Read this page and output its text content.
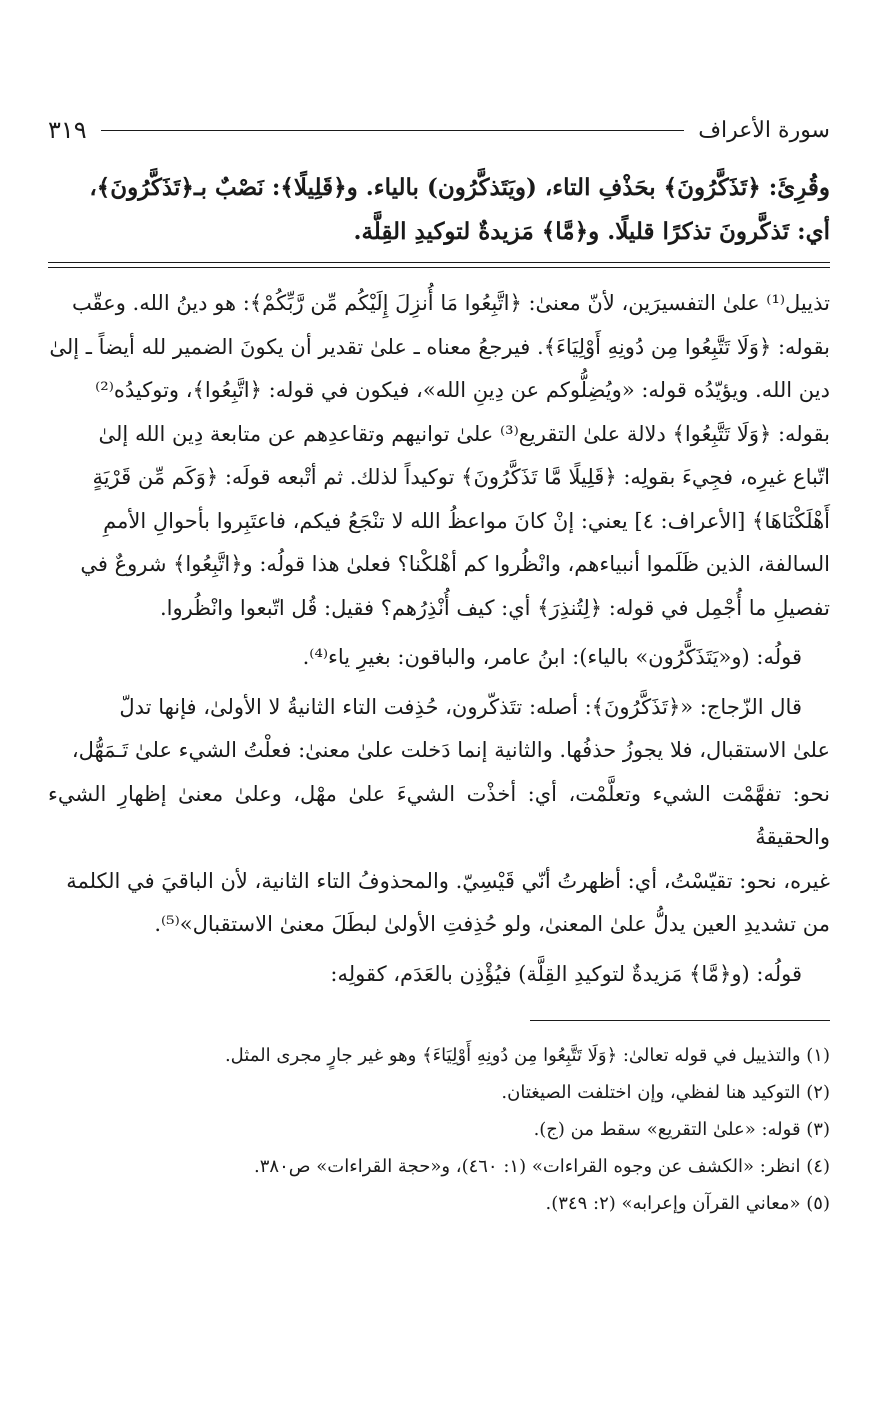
سورة الأعراف
٣١٩

وقُرِئَ: ﴿تَذَكَّرُونَ﴾ بحَذْفِ التاء، (ويَتَذكَّرُون) بالياء. و﴿قَلِيلًا﴾: نَصْبٌ بـ﴿تَذَكَّرُونَ﴾،

أي: تَذكَّرونَ تذكرًا قليلًا. و﴿مَّا﴾ مَزيدةٌ لتوكيدِ القِلَّة.

تذييل⁽¹⁾ علىٰ التفسيرَين، لأنّ معنىٰ: ﴿اتَّبِعُوا مَا أُنزِلَ إِلَيْكُم مِّن رَّبِّكُمْ﴾: هو دينُ الله. وعقّب

بقوله: ﴿وَلَا تَتَّبِعُوا مِن دُونِهِ أَوْلِيَاءَ﴾. فيرجعُ معناه ـ علىٰ تقدير أن يكونَ الضمير لله أيضاً ـ إلىٰ

دين الله. ويؤيّدُه قوله: «ويُضِلُّوكم عن دِينِ الله»، فيكون في قوله: ﴿اتَّبِعُوا﴾، وتوكيدُه⁽²⁾

بقوله: ﴿وَلَا تَتَّبِعُوا﴾ دلالة علىٰ التقريع⁽³⁾ علىٰ توانيهم وتقاعدِهم عن متابعة دِين الله إلىٰ

اتّباع غيرِه، فجِيءَ بقولِه: ﴿قَلِيلًا مَّا تَذَكَّرُونَ﴾ توكيداً لذلك. ثم أتْبعه قولَه: ﴿وَكَم مِّن قَرْيَةٍ

أَهْلَكْنَاهَا﴾ [الأعراف: ٤] يعني: إنْ كانَ مواعظُ الله لا تنْجَعُ فيكم، فاعتَبِروا بأحوالِ الأممِ

السالفة، الذين ظَلَموا أنبياءهم، وانْظُروا كم أهْلكْنا؟ فعلىٰ هذا قولُه: و﴿اتَّبِعُوا﴾ شروعٌ في

تفصيلِ ما أُجْمِل في قوله: ﴿لِتُنذِرَ﴾ أي: كيف أُنْذِرُهم؟ فقيل: قُل اتّبعوا وانْظُروا.

قولُه: (و«يَتَذَكَّرُون» بالياء): ابنُ عامر، والباقون: بغيرِ ياء⁽⁴⁾.

قال الزّجاج: «﴿تَذَكَّرُونَ﴾: أصله: تتَذكّرون، حُذِفت التاء الثانيةُ لا الأولىٰ، فإنها تدلّ

علىٰ الاستقبال، فلا يجوزُ حذفُها. والثانية إنما دَخلت علىٰ معنىٰ: فعلْتُ الشيء علىٰ تَـمَهُّل،

نحو: تفهَّمْت الشيء وتعلَّمْت، أي: أخذْت الشيءَ علىٰ مهْل، وعلىٰ معنىٰ إظهارِ الشيء والحقيقةُ

غيره، نحو: تقيّسْتُ، أي: أظهرتُ أنّي قَيْسِيّ. والمحذوفُ التاء الثانية، لأن الباقيَ في الكلمة

من تشديدِ العين يدلُّ علىٰ المعنىٰ، ولو حُذِفتِ الأولىٰ لبطَلَ معنىٰ الاستقبال»⁽⁵⁾.

قولُه: (و﴿مَّا﴾ مَزيدةٌ لتوكيدِ القِلَّة) فيُؤْذِن بالعَدَم، كقولِه:

(١) والتذييل في قوله تعالىٰ: ﴿وَلَا تَتَّبِعُوا مِن دُونِهِ أَوْلِيَاءَ﴾ وهو غير جارٍ مجرى المثل.

(٢) التوكيد هنا لفظي، وإن اختلفت الصيغتان.

(٣) قوله: «علىٰ التقريع» سقط من (ج).

(٤) انظر: «الكشف عن وجوه القراءات» (١: ٤٦٠)، و«حجة القراءات» ص٣٨٠.

(٥) «معاني القرآن وإعرابه» (٢: ٣٤٩).
